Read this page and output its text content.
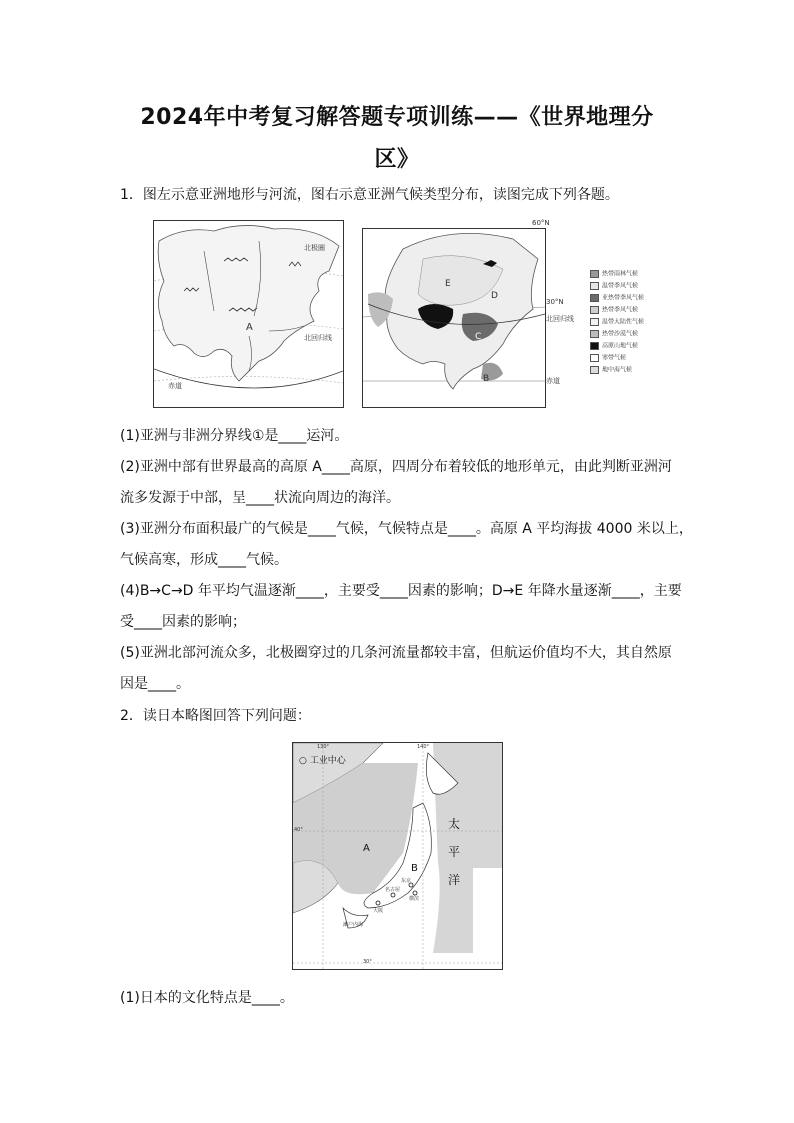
2024年中考复习解答题专项训练——《世界地理分
区》
1．图左示意亚洲地形与河流，图右示意亚洲气候类型分布，读图完成下列各题。
A
北回归线
赤道
北极圈
E
D
C
B
60°N
30°N
北回归线
赤道
热带雨林气候
温带季风气候
亚热带季风气候
热带季风气候
温带大陆性气候
热带沙漠气候
高原山地气候
寒带气候
地中海气候
(1)亚洲与非洲分界线①是____运河。
(2)亚洲中部有世界最高的高原 A____高原，四周分布着较低的地形单元，由此判断亚洲河
流多发源于中部，呈____状流向周边的海洋。
(3)亚洲分布面积最广的气候是____气候，气候特点是____。高原 A 平均海拔 4000 米以上，
气候高寒，形成____气候。
(4)B→C→D 年平均气温逐渐____，主要受____因素的影响；D→E 年降水量逐渐____，主要
受____因素的影响；
(5)亚洲北部河流众多，北极圈穿过的几条河流量都较丰富，但航运价值均不大，其自然原
因是____。
2．读日本略图回答下列问题：
○ 工业中心
A
B
太
平
洋
东京
名古屋
横滨
大阪
濑户内海
130°	140°
40°
30°
(1)日本的文化特点是____。
